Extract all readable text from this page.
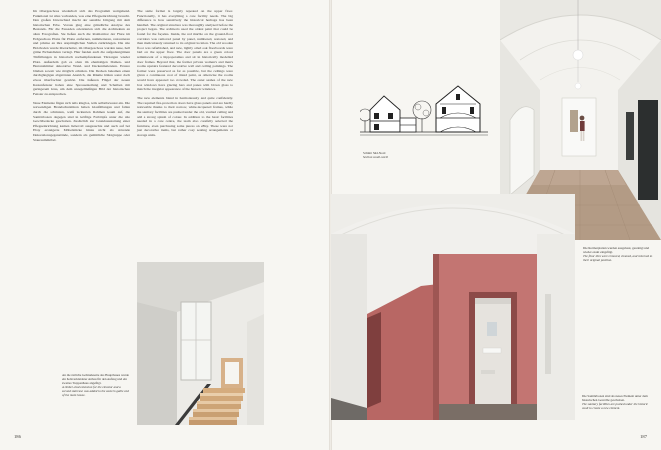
Im Obergeschoss wiederholt sich das Programm weitgehend. Funktional ist alles vorhanden, was eine Pflegeeinrichtung braucht. Den großen Unterschied macht der sensible Umgang mit dem historischen Erbe. Voraus ging eine gründliche Analyse des Bestands. Für die Fassaden orientierten sich die Architekten an alten Fotografien. Sie ließen auch die Rotmarmor der Flure im Erdgeschoss Platte für Platte entfernen, nummerieren, restaurieren und präzise an ihre ursprünglichen Stellen zurücklegen. Die alte Holzboden wurde überarbeitet, im Obergeschoss wurden neue, hell grüne Eichendielen verlegt. Hier fanden auch die aufgedeutgrünen Türfüllungen in historisch nachempfundenen Türzargen wieder Platz. Außerdem gab es oben im ehemaligen Damen- und Herrenzimmer dekorative Wand- und Deckenmalereien. Erstere blieben soweit wie möglich erhalten. Die Decken bekamen einen durchgängigen abgetönten Anstrich, die Räume hätten sonst doch etwas überfrachtet gewirkt. Die äußeren Flügel der neuen Kastenfenster haben eine Sprossenteilung und Scheiben mit geringerem Glas, um dem unregelmäßigen Bild der historischen Fenster zu entsprechen.

Neue Elemente fügen sich teils kluglos, teils selbstbewusst ein. Die notwendigen Brandschutztüren haben Glasfüllungen und fallen durch die schmalen, weiß lackierten Rahmen kaum auf, die Sanitärboxen dagegen sind in kräftige Farbtöpfe unter die alte Gewölbedecke geschoben. Zusätzlich zur Grundausstattung einer Pflegeeinrichtung kamen liebevoll ausgesuchte und auch auf bei Ebay ersteigerte Möbelstücke hinzu nicht als störende Dekorationsgegenstände, sondern als gemütliche Sitzgruppe oder Stauraummöbel.

The same format is largely repeated on the upper floor. Functionally, it has everything a care facility needs. The big difference is how sensitively the historical heritage has been handled. The original structure was thoroughly analysed before the project began. The architects used the oldest paint that could be found for the façades. Inside, the red marble on the ground-floor corridors was removed panel by panel, numbered, restored, and then meticulously returned to its original location. The old wooden floor was refurbished, and new, lightly oiled oak floorboards were laid on the upper floor. The door panels are a green colour reminiscent of a hippopotamus and sit in historically modelled door frames. Beyond that, the former private women's and men's rooms upstairs featured decorative wall and ceiling paintings. The former were preserved as far as possible, but the ceilings were given a continuous coat of tinted paint, as otherwise the rooms would have appeared too crowded. The outer sashes of the new box windows have glazing bars and panes with blown glass to match the irregular appearance of the historic windows.

The new elements blend in harmoniously and quite confidently. The required fire-protection doors have glass panels and are hardly noticeable thanks to their narrow, white-lacquered frames, while the sanitary facilities are pushed under the old, vaulted ceiling and add a strong splash of colour. In addition to the basic facilities needed in a care centre, the team also carefully selected the furniture, even purchasing some pieces on eBay. These were not just decorative items, but rather cosy seating arrangements or storage units.

Schnitt Süd-Nord

Section south-north

An die östliche Gebäudeseite des Hauptbaues wurde ein holzverkleideter Anbau für den Aufzug und ein zweites Treppenhaus angefügt.

A timber-clad extension for the elevator and a second staircase was added to the eastern gable end of the main house.

Die Rotmarplatten wurden ausgebaut, gereinigt und wieder exakt eingefügt.

The floor tiles were removed, cleaned, and returned to their original position.

Die Sanitärboxen sind als neues Element unter dem historischen Gewölbe geschoben.

The sanitary facilities are pushed under the historic vault to create a new element.

186	187
